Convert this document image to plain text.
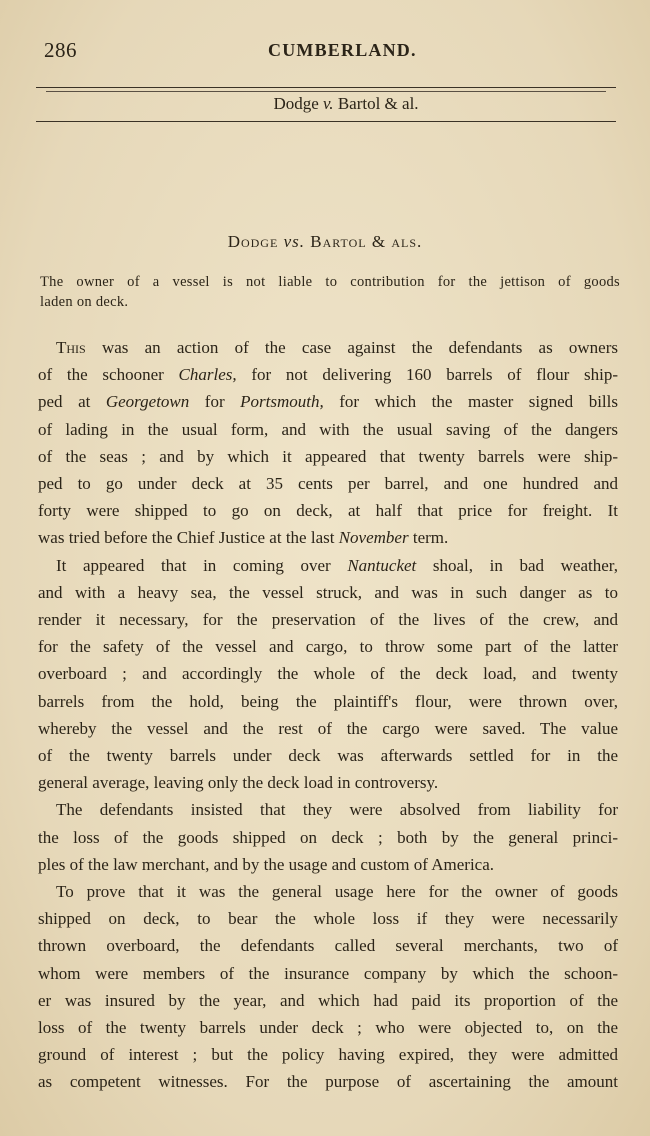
286	CUMBERLAND.
Dodge v. Bartol & al.
Dodge vs. Bartol & als.
The owner of a vessel is not liable to contribution for the jettison of goods
laden on deck.
This was an action of the case against the defendants as owners
of the schooner Charles, for not delivering 160 barrels of flour ship-
ped at Georgetown for Portsmouth, for which the master signed bills
of lading in the usual form, and with the usual saving of the dangers
of the seas ; and by which it appeared that twenty barrels were ship-
ped to go under deck at 35 cents per barrel, and one hundred and
forty were shipped to go on deck, at half that price for freight. It
was tried before the Chief Justice at the last November term.
It appeared that in coming over Nantucket shoal, in bad weather,
and with a heavy sea, the vessel struck, and was in such danger as to
render it necessary, for the preservation of the lives of the crew, and
for the safety of the vessel and cargo, to throw some part of the latter
overboard ; and accordingly the whole of the deck load, and twenty
barrels from the hold, being the plaintiff's flour, were thrown over,
whereby the vessel and the rest of the cargo were saved. The value
of the twenty barrels under deck was afterwards settled for in the
general average, leaving only the deck load in controversy.
The defendants insisted that they were absolved from liability for
the loss of the goods shipped on deck ; both by the general princi-
ples of the law merchant, and by the usage and custom of America.
To prove that it was the general usage here for the owner of goods
shipped on deck, to bear the whole loss if they were necessarily
thrown overboard, the defendants called several merchants, two of
whom were members of the insurance company by which the schoon-
er was insured by the year, and which had paid its proportion of the
loss of the twenty barrels under deck ; who were objected to, on the
ground of interest ; but the policy having expired, they were admitted
as competent witnesses. For the purpose of ascertaining the amount
